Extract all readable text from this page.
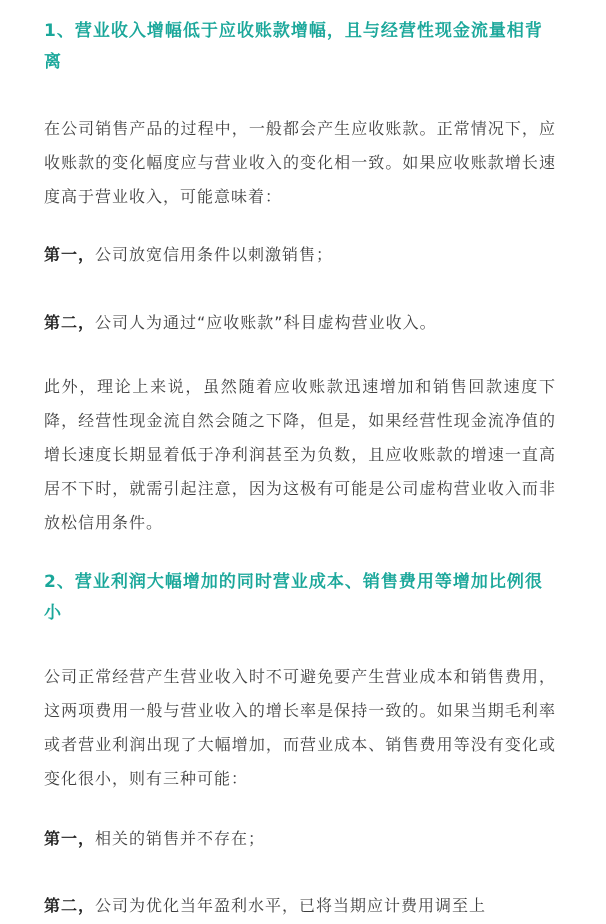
1、营业收入增幅低于应收账款增幅，且与经营性现金流量相背离

在公司销售产品的过程中，一般都会产生应收账款。正常情况下，应收账款的变化幅度应与营业收入的变化相一致。如果应收账款增长速度高于营业收入，可能意味着：

第一，公司放宽信用条件以刺激销售；

第二，公司人为通过“应收账款”科目虚构营业收入。

此外，理论上来说，虽然随着应收账款迅速增加和销售回款速度下降，经营性现金流自然会随之下降，但是，如果经营性现金流净值的增长速度长期显着低于净利润甚至为负数，且应收账款的增速一直高居不下时，就需引起注意，因为这极有可能是公司虚构营业收入而非放松信用条件。

2、营业利润大幅增加的同时营业成本、销售费用等增加比例很小

公司正常经营产生营业收入时不可避免要产生营业成本和销售费用，这两项费用一般与营业收入的增长率是保持一致的。如果当期毛利率或者营业利润出现了大幅增加，而营业成本、销售费用等没有变化或变化很小，则有三种可能：

第一，相关的销售并不存在；

第二，公司为优化当年盈利水平，已将当期应计费用调至上
